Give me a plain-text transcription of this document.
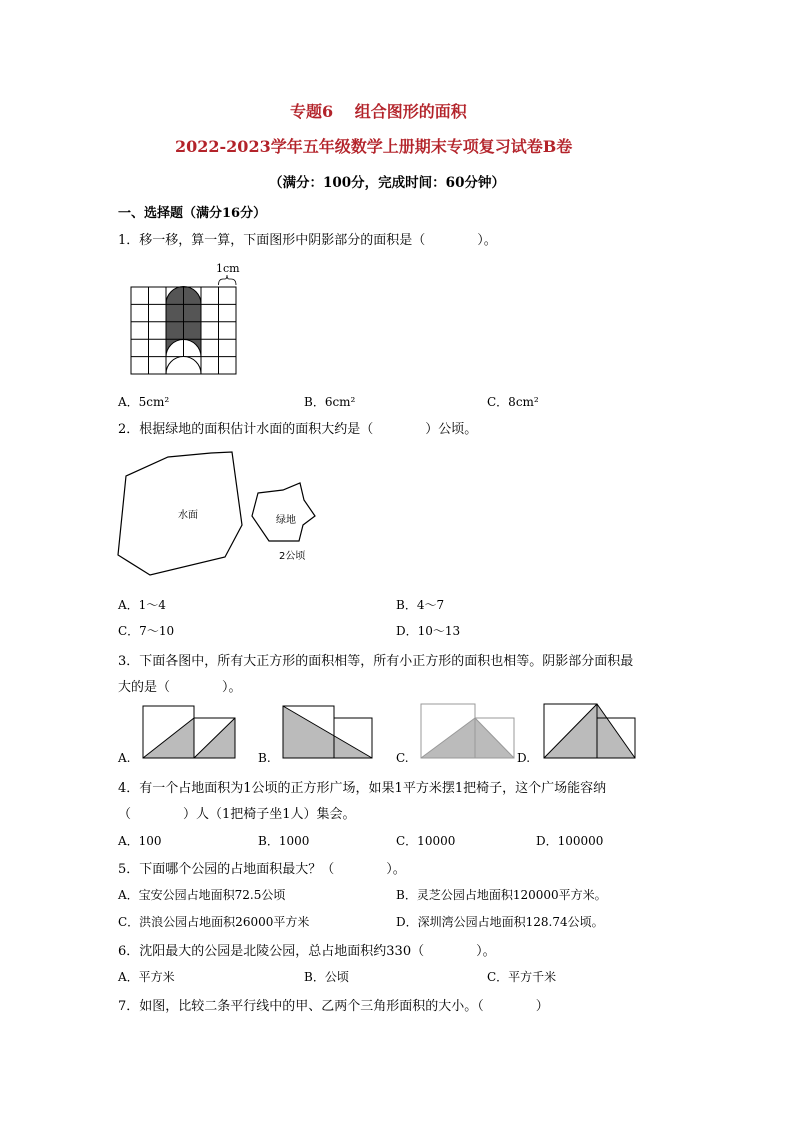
专题6　 组合图形的面积
2022-2023学年五年级数学上册期末专项复习试卷B卷
（满分：100分，完成时间：60分钟）
一、选择题（满分16分）
1．移一移，算一算，下面图形中阴影部分的面积是（　　　　）。
1cm
A．5cm²	B．6cm²	C．8cm²
2．根据绿地的面积估计水面的面积大约是（　　　　）公顷。
水面	绿地
2公顷
A．1～4	B．4～7
C．7～10	D．10～13
3．下面各图中，所有大正方形的面积相等，所有小正方形的面积也相等。阴影部分面积最
大的是（　　　　）。
A.	B.	C.	D.
4．有一个占地面积为1公顷的正方形广场，如果1平方米摆1把椅子，这个广场能容纳
（　　　　）人（1把椅子坐1人）集会。
A．100	B．1000	C．10000	D．100000
5．下面哪个公园的占地面积最大？（　　　　）。
A．宝安公园占地面积72.5公顷	B．灵芝公园占地面积120000平方米。
C．洪浪公园占地面积26000平方米	D．深圳湾公园占地面积128.74公顷。
6．沈阳最大的公园是北陵公园，总占地面积约330（　　　　）。
A．平方米	B．公顷	C．平方千米
7．如图，比较二条平行线中的甲、乙两个三角形面积的大小。（　　　　）
